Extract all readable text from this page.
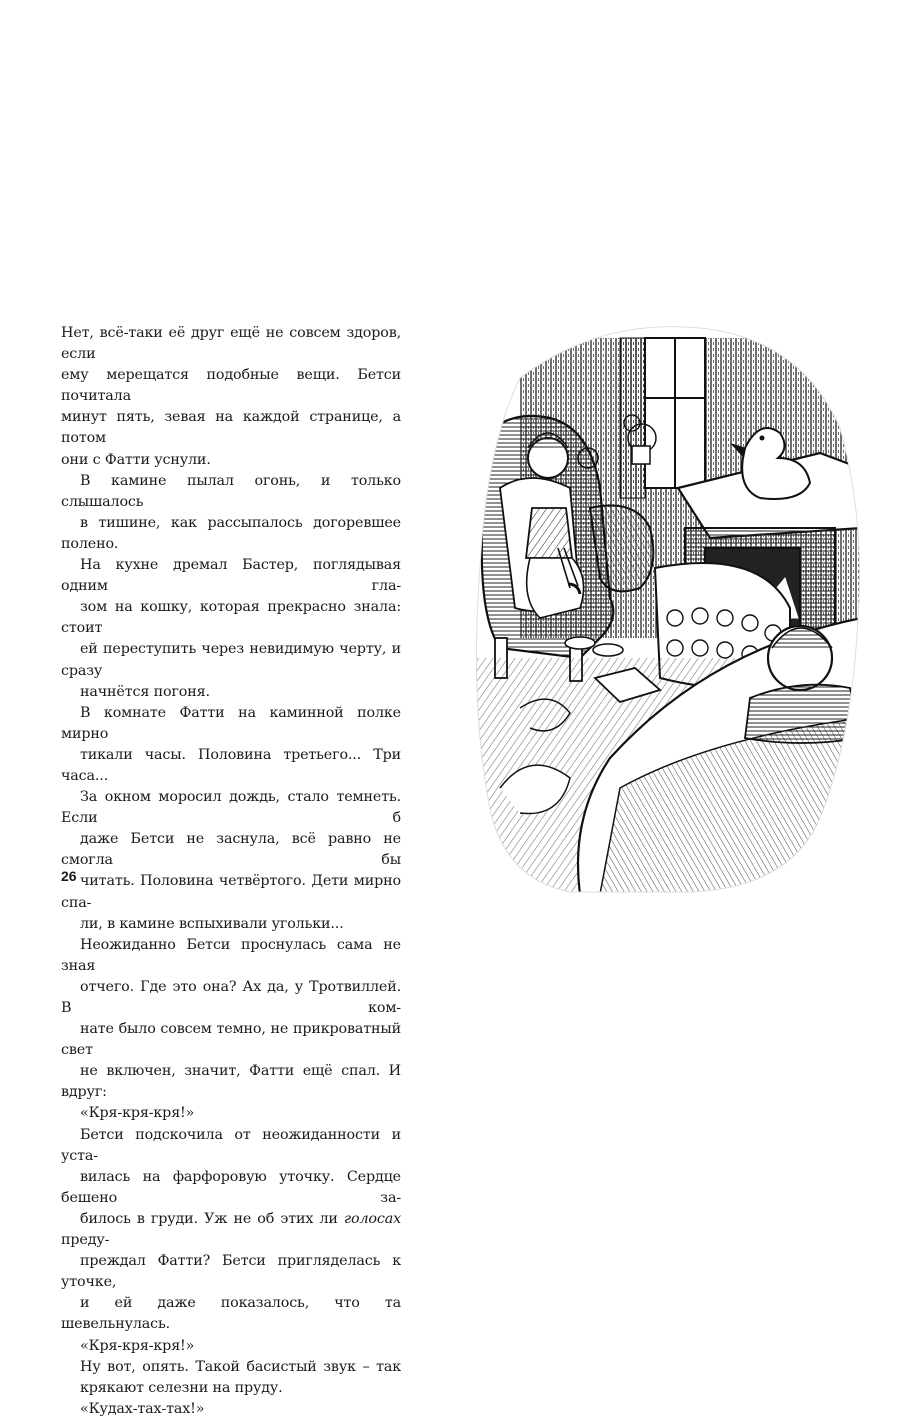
Нет, всё-таки её друг ещё не совсем здоров, если
ему мерещатся подобные вещи. Бетси почитала
минут пять, зевая на каждой странице, а потом
они с Фатти уснули.

В камине пылал огонь, и только слышалось
в тишине, как рассыпалось догоревшее полено.
На кухне дремал Бастер, поглядывая одним гла-
зом на кошку, которая прекрасно знала: стоит
ей переступить через невидимую черту, и сразу
начнётся погоня.

В комнате Фатти на каминной полке мирно
тикали часы. Половина третьего... Три часа...
За окном моросил дождь, стало темнеть. Если б
даже Бетси не заснула, всё равно не смогла бы
читать. Половина четвёртого. Дети мирно спа-
ли, в камине вспыхивали угольки...

Неожиданно Бетси проснулась сама не зная
отчего. Где это она? Ах да, у Тротвиллей. В ком-
нате было совсем темно, не прикроватный свет
не включен, значит, Фатти ещё спал. И вдруг:

«Кря-кря-кря!»

Бетси подскочила от неожиданности и уста-
вилась на фарфоровую уточку. Сердце бешено за-
билось в груди. Уж не об этих ли голосах преду-
преждал Фатти? Бетси пригляделась к уточке,
и ей даже показалось, что та шевельнулась.

«Кря-кря-кря!»

Ну вот, опять. Такой басистый звук – так
крякают селезни на пруду.

«Кудах-тах-тах!»

26
